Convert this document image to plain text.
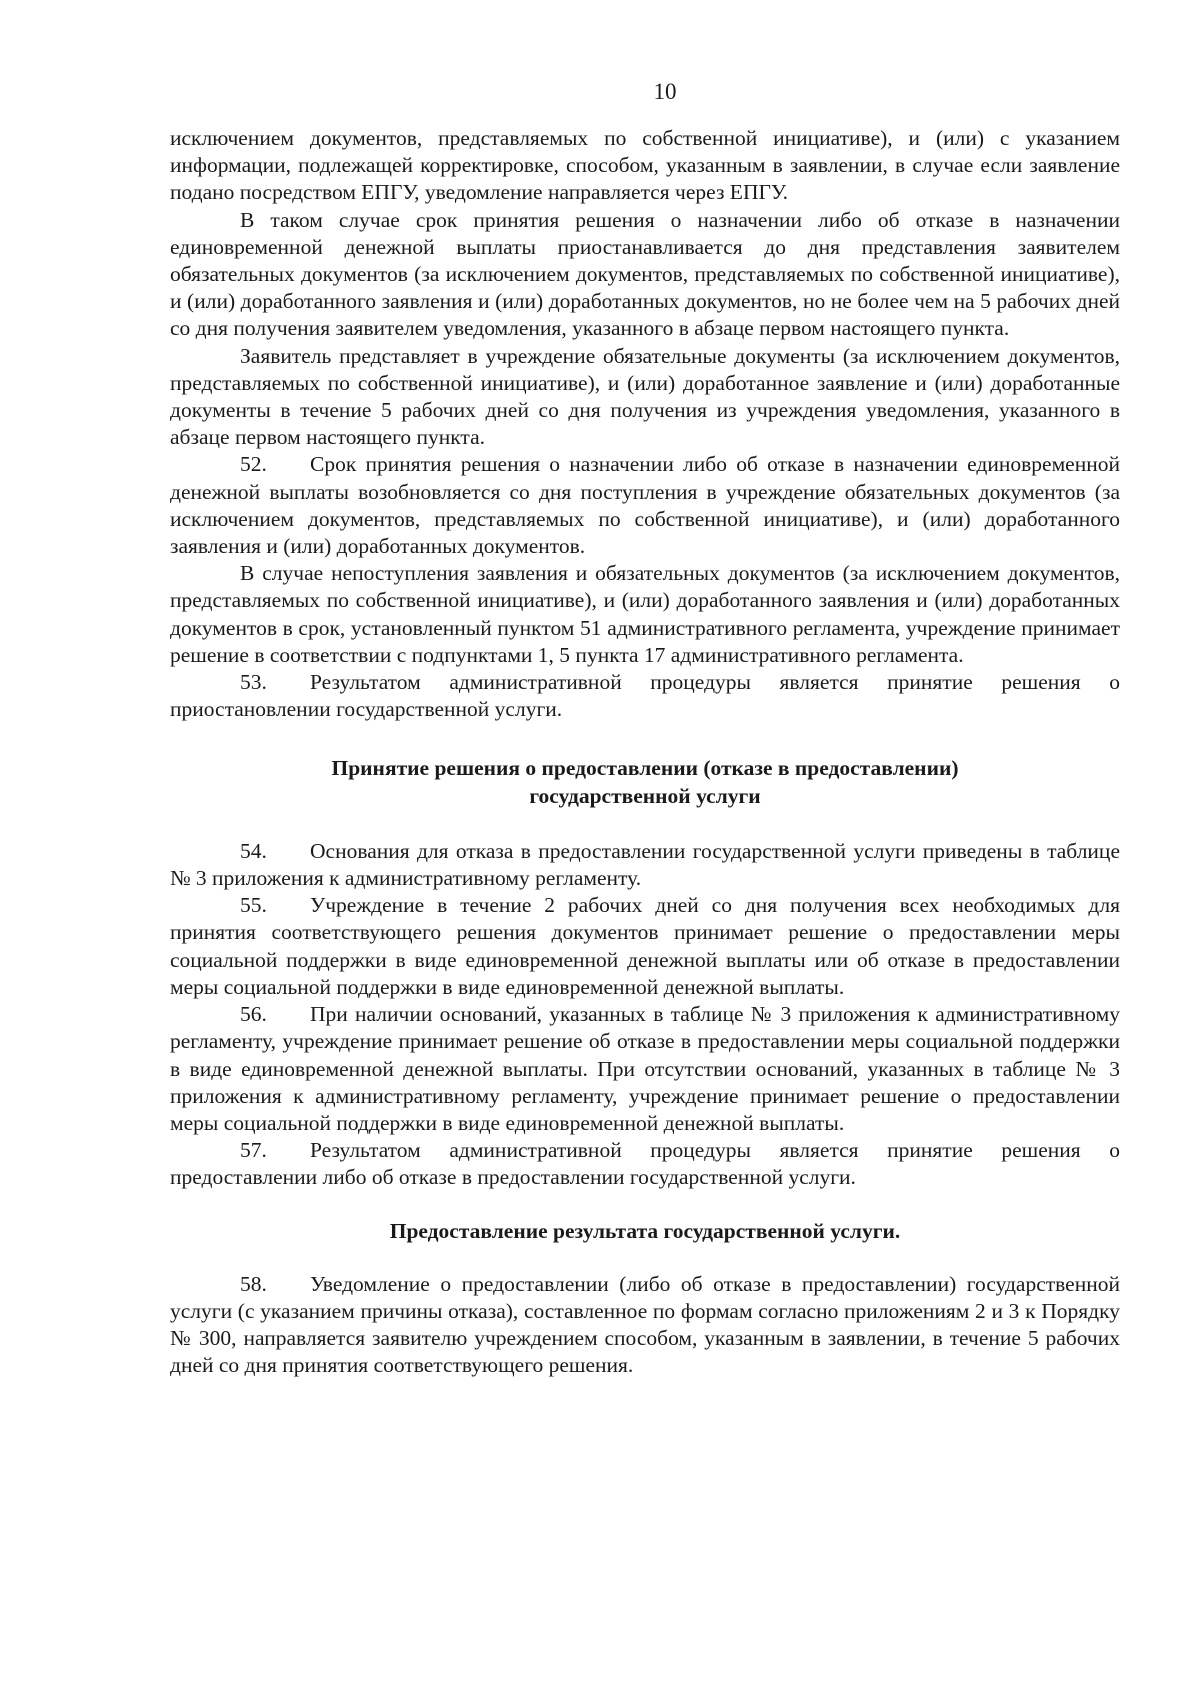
10

исключением документов, представляемых по собственной инициативе), и (или) с указанием информации, подлежащей корректировке, способом, указанным в заявлении, в случае если заявление подано посредством ЕПГУ, уведомление направляется через ЕПГУ.

В таком случае срок принятия решения о назначении либо об отказе в назначении единовременной денежной выплаты приостанавливается до дня представления заявителем обязательных документов (за исключением документов, представляемых по собственной инициативе), и (или) доработанного заявления и (или) доработанных документов, но не более чем на 5 рабочих дней со дня получения заявителем уведомления, указанного в абзаце первом настоящего пункта.

Заявитель представляет в учреждение обязательные документы (за исключением документов, представляемых по собственной инициативе), и (или) доработанное заявление и (или) доработанные документы в течение 5 рабочих дней со дня получения из учреждения уведомления, указанного в абзаце первом настоящего пункта.

52. Срок принятия решения о назначении либо об отказе в назначении единовременной денежной выплаты возобновляется со дня поступления в учреждение обязательных документов (за исключением документов, представляемых по собственной инициативе), и (или) доработанного заявления и (или) доработанных документов.

В случае непоступления заявления и обязательных документов (за исключением документов, представляемых по собственной инициативе), и (или) доработанного заявления и (или) доработанных документов в срок, установленный пунктом 51 административного регламента, учреждение принимает решение в соответствии с подпунктами 1, 5 пункта 17 административного регламента.

53. Результатом административной процедуры является принятие решения о приостановлении государственной услуги.

Принятие решения о предоставлении (отказе в предоставлении)
государственной услуги

54. Основания для отказа в предоставлении государственной услуги приведены в таблице № 3 приложения к административному регламенту.

55. Учреждение в течение 2 рабочих дней со дня получения всех необходимых для принятия соответствующего решения документов принимает решение о предоставлении меры социальной поддержки в виде единовременной денежной выплаты или об отказе в предоставлении меры социальной поддержки в виде единовременной денежной выплаты.

56. При наличии оснований, указанных в таблице № 3 приложения к административному регламенту, учреждение принимает решение об отказе в предоставлении меры социальной поддержки в виде единовременной денежной выплаты. При отсутствии оснований, указанных в таблице № 3 приложения к административному регламенту, учреждение принимает решение о предоставлении меры социальной поддержки в виде единовременной денежной выплаты.

57. Результатом административной процедуры является принятие решения о предоставлении либо об отказе в предоставлении государственной услуги.

Предоставление результата государственной услуги.

58. Уведомление о предоставлении (либо об отказе в предоставлении) государственной услуги (с указанием причины отказа), составленное по формам согласно приложениям 2 и 3 к Порядку № 300, направляется заявителю учреждением способом, указанным в заявлении, в течение 5 рабочих дней со дня принятия соответствующего решения.
